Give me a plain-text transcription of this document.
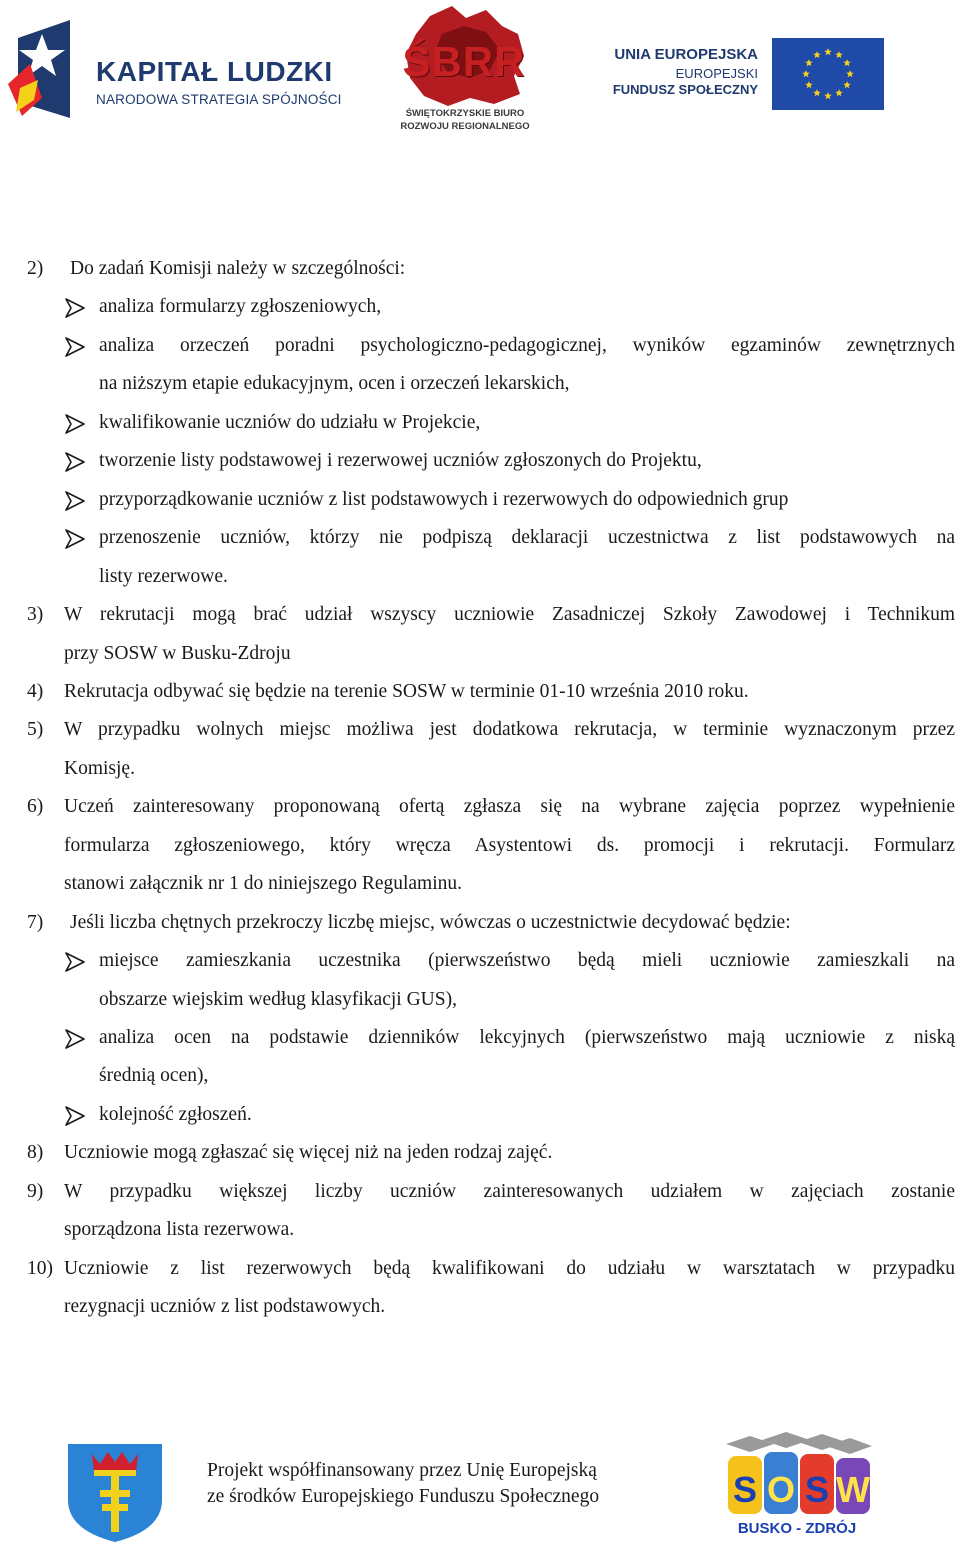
KAPITAŁ LUDZKI
NARODOWA STRATEGIA SPÓJNOŚCI
ŚBRR
ŚWIĘTOKRZYSKIE BIURO
ROZWOJU REGIONALNEGO
UNIA EUROPEJSKA
EUROPEJSKI
FUNDUSZ SPOŁECZNY
2) Do zadań Komisji należy w szczególności:
analiza formularzy zgłoszeniowych,
analiza orzeczeń poradni psychologiczno-pedagogicznej, wyników egzaminów zewnętrznych
na niższym etapie edukacyjnym, ocen i orzeczeń lekarskich,
kwalifikowanie uczniów do udziału w Projekcie,
tworzenie listy podstawowej i rezerwowej uczniów zgłoszonych do Projektu,
przyporządkowanie uczniów z list podstawowych i rezerwowych do odpowiednich grup
przenoszenie uczniów, którzy nie podpiszą deklaracji uczestnictwa z list podstawowych na
listy rezerwowe.
3) W rekrutacji mogą brać udział wszyscy uczniowie Zasadniczej Szkoły Zawodowej i Technikum
przy SOSW w Busku-Zdroju
4) Rekrutacja odbywać się będzie na terenie SOSW w terminie 01-10 września 2010 roku.
5) W przypadku wolnych miejsc możliwa jest dodatkowa rekrutacja, w terminie wyznaczonym przez
Komisję.
6) Uczeń zainteresowany proponowaną ofertą zgłasza się na wybrane zajęcia poprzez wypełnienie
formularza zgłoszeniowego, który wręcza Asystentowi ds. promocji i rekrutacji. Formularz
stanowi załącznik nr 1 do niniejszego Regulaminu.
7) Jeśli liczba chętnych przekroczy liczbę miejsc, wówczas o uczestnictwie decydować będzie:
miejsce zamieszkania uczestnika (pierwszeństwo będą mieli uczniowie zamieszkali na
obszarze wiejskim według klasyfikacji GUS),
analiza ocen na podstawie dzienników lekcyjnych (pierwszeństwo mają uczniowie z niską
średnią ocen),
kolejność zgłoszeń.
8) Uczniowie mogą zgłaszać się więcej niż na jeden rodzaj zajęć.
9) W przypadku większej liczby uczniów zainteresowanych udziałem w zajęciach zostanie
sporządzona lista rezerwowa.
10) Uczniowie z list rezerwowych będą kwalifikowani do udziału w warsztatach w przypadku
rezygnacji uczniów z list podstawowych.
Projekt współfinansowany przez Unię Europejską
ze środków Europejskiego Funduszu Społecznego	S O S W
BUSKO - ZDRÓJ
